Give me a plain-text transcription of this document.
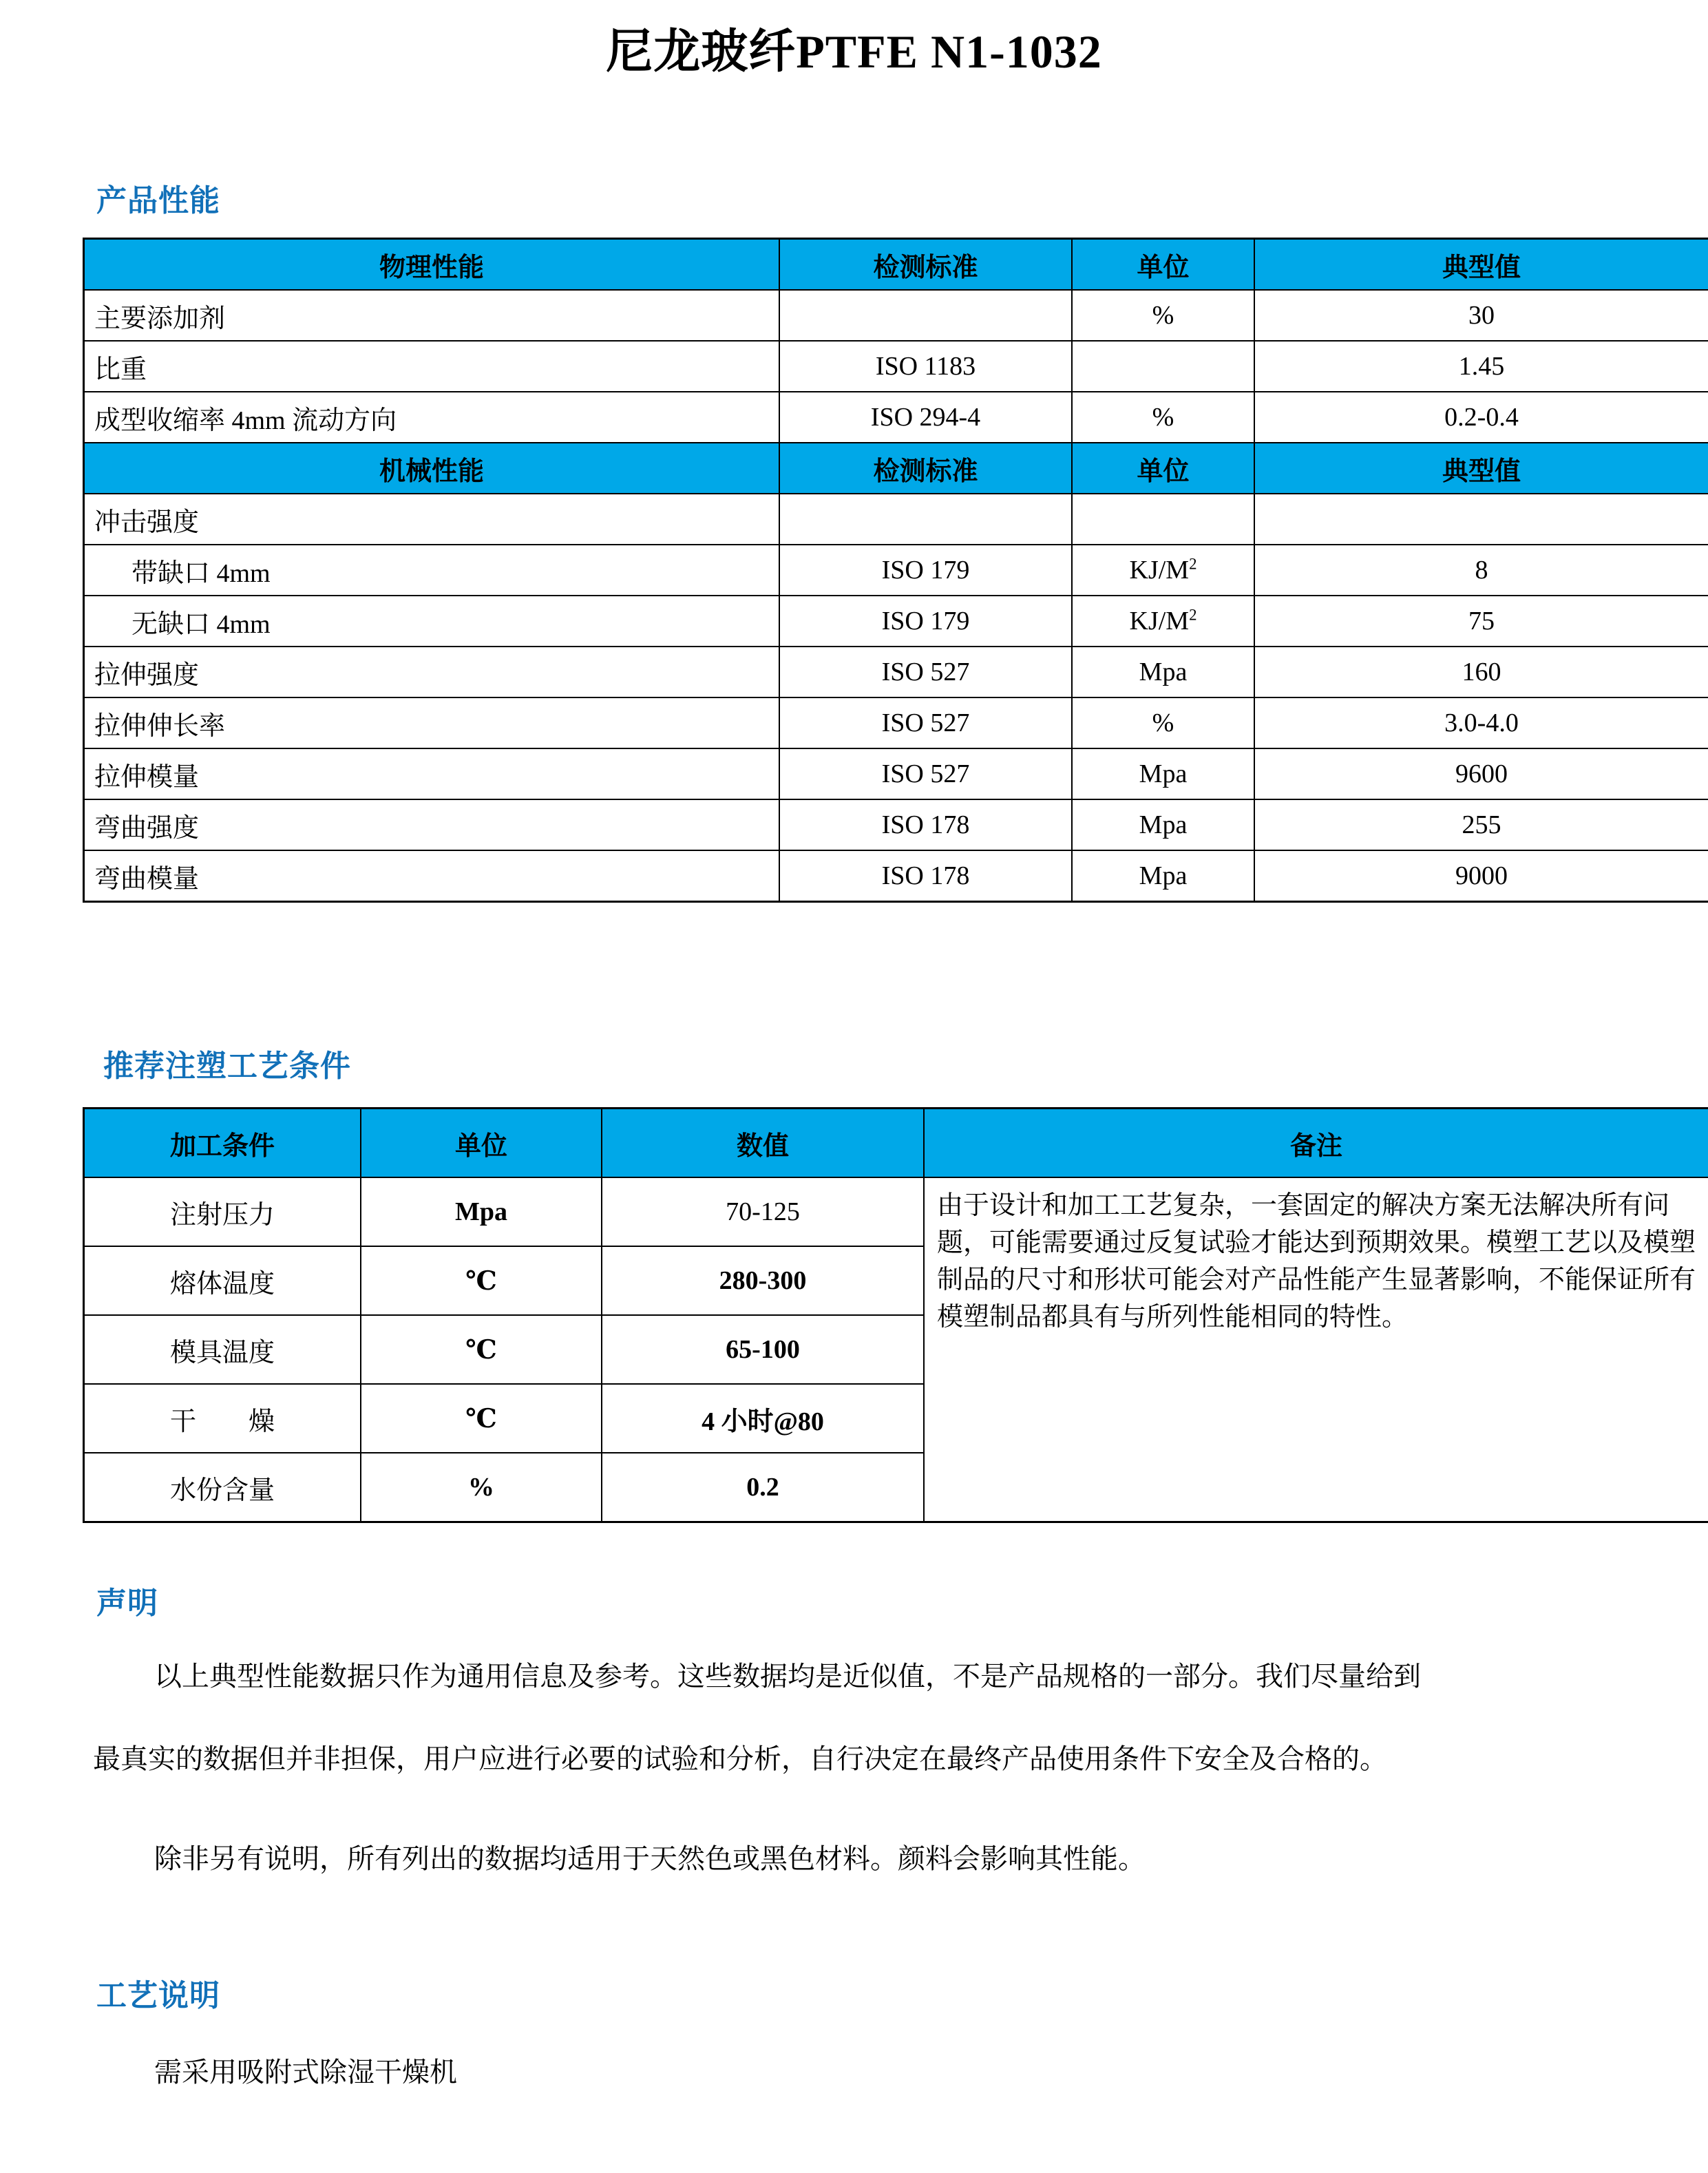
尼龙玻纤PTFE N1-1032
产品性能
物理性能	检测标准	单位	典型值
主要添加剂		%	30
比重	ISO 1183		1.45
成型收缩率 4mm 流动方向	ISO 294-4	%	0.2-0.4
机械性能	检测标准	单位	典型值
冲击强度			
带缺口 4mm	ISO 179	$KJ/M^2$	8
无缺口 4mm	ISO 179	$KJ/M^2$	75
拉伸强度	ISO 527	Mpa	160
拉伸伸长率	ISO 527	%	3.0-4.0
拉伸模量	ISO 527	Mpa	9600
弯曲强度	ISO 178	Mpa	255
弯曲模量	ISO 178	Mpa	9000
推荐注塑工艺条件
加工条件	单位	数值	备注
注射压力	Mpa	70-125	由于设计和加工工艺复杂，一套固定的解决方案无法解决所有问题，可能需要通过反复试验才能达到预期效果。模塑工艺以及模塑制品的尺寸和形状可能会对产品性能产生显著影响，不能保证所有模塑制品都具有与所列性能相同的特性。
熔体温度	℃	280-300	
模具温度	℃	65-100	
干　　燥	℃	4 小时@80	
水份含量	%	0.2	
声明
以上典型性能数据只作为通用信息及参考。这些数据均是近似值，不是产品规格的一部分。我们尽量给到
最真实的数据但并非担保，用户应进行必要的试验和分析，自行决定在最终产品使用条件下安全及合格的。
除非另有说明，所有列出的数据均适用于天然色或黑色材料。颜料会影响其性能。
工艺说明
需采用吸附式除湿干燥机
